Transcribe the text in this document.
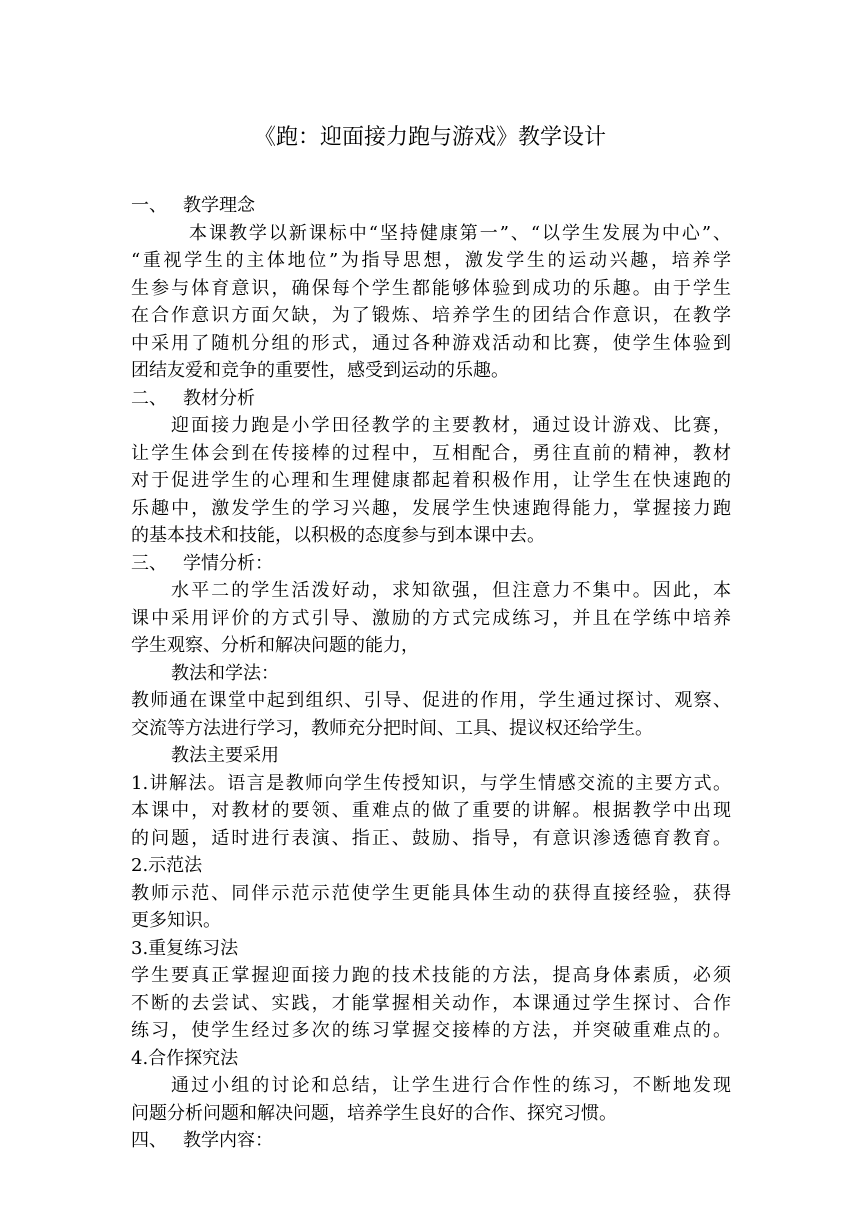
《跑：迎面接力跑与游戏》教学设计
一、 教学理念
本课教学以新课标中“坚持健康第一”、“以学生发展为中心”、
“重视学生的主体地位”为指导思想，激发学生的运动兴趣，培养学
生参与体育意识，确保每个学生都能够体验到成功的乐趣。由于学生
在合作意识方面欠缺，为了锻炼、培养学生的团结合作意识，在教学
中采用了随机分组的形式，通过各种游戏活动和比赛，使学生体验到
团结友爱和竞争的重要性，感受到运动的乐趣。
二、 教材分析
迎面接力跑是小学田径教学的主要教材，通过设计游戏、比赛，
让学生体会到在传接棒的过程中，互相配合，勇往直前的精神，教材
对于促进学生的心理和生理健康都起着积极作用，让学生在快速跑的
乐趣中，激发学生的学习兴趣，发展学生快速跑得能力，掌握接力跑
的基本技术和技能，以积极的态度参与到本课中去。
三、 学情分析：
水平二的学生活泼好动，求知欲强，但注意力不集中。因此，本
课中采用评价的方式引导、激励的方式完成练习，并且在学练中培养
学生观察、分析和解决问题的能力，
教法和学法：
教师通在课堂中起到组织、引导、促进的作用，学生通过探讨、观察、
交流等方法进行学习，教师充分把时间、工具、提议权还给学生。
教法主要采用
1.讲解法。语言是教师向学生传授知识，与学生情感交流的主要方式。
本课中，对教材的要领、重难点的做了重要的讲解。根据教学中出现
的问题，适时进行表演、指正、鼓励、指导，有意识渗透德育教育。
2.示范法
教师示范、同伴示范示范使学生更能具体生动的获得直接经验，获得
更多知识。
3.重复练习法
学生要真正掌握迎面接力跑的技术技能的方法，提高身体素质，必须
不断的去尝试、实践，才能掌握相关动作，本课通过学生探讨、合作
练习，使学生经过多次的练习掌握交接棒的方法，并突破重难点的。
4.合作探究法
通过小组的讨论和总结，让学生进行合作性的练习，不断地发现
问题分析问题和解决问题，培养学生良好的合作、探究习惯。
四、 教学内容：
